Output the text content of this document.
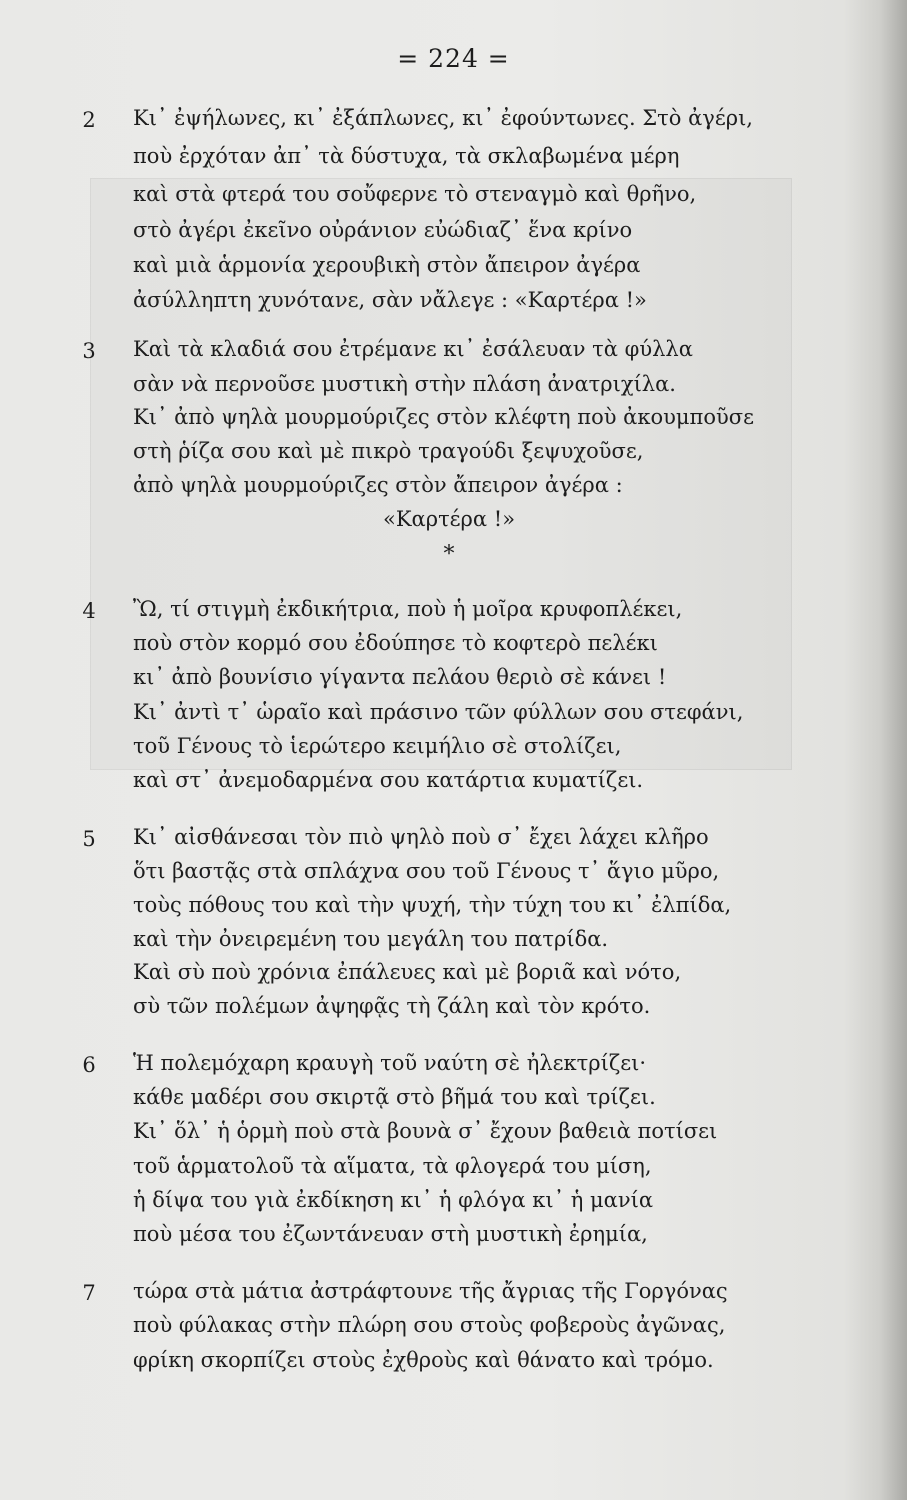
= 224 =
2	Κι᾿ ἐψήλωνες, κι᾿ ἐξάπλωνες, κι᾿ ἐφούντωνες. Στὸ ἀγέρι,
ποὺ ἐρχόταν ἀπ᾿ τὰ δύστυχα, τὰ σκλαβωμένα μέρη
καὶ στὰ φτερά του σοὔφερνε τὸ στεναγμὸ καὶ θρῆνο,
στὸ ἀγέρι ἐκεῖνο οὐράνιον εὐώδιαζ᾿ ἕνα κρίνο
καὶ μιὰ ἁρμονία χερουβικὴ στὸν ἄπειρον ἀγέρα
ἀσύλληπτη χυνότανε, σὰν νἄλεγε : «Καρτέρα !»
3	Καὶ τὰ κλαδιά σου ἐτρέμανε κι᾿ ἐσάλευαν τὰ φύλλα
σὰν νὰ περνοῦσε μυστικὴ στὴν πλάση ἀνατριχίλα.
Κι᾿ ἀπὸ ψηλὰ μουρμούριζες στὸν κλέφτη ποὺ ἀκουμποῦσε
στὴ ῥίζα σου καὶ μὲ πικρὸ τραγούδι ξεψυχοῦσε,
ἀπὸ ψηλὰ μουρμούριζες στὸν ἄπειρον ἀγέρα :
«Καρτέρα !»
*
4	Ὢ, τί στιγμὴ ἐκδικήτρια, ποὺ ἡ μοῖρα κρυφοπλέκει,
ποὺ στὸν κορμό σου ἐδούπησε τὸ κοφτερὸ πελέκι
κι᾿ ἀπὸ βουνίσιο γίγαντα πελάου θεριὸ σὲ κάνει !
Κι᾿ ἀντὶ τ᾿ ὡραῖο καὶ πράσινο τῶν φύλλων σου στεφάνι,
τοῦ Γένους τὸ ἱερώτερο κειμήλιο σὲ στολίζει,
καὶ στ᾿ ἀνεμοδαρμένα σου κατάρτια κυματίζει.
5	Κι᾿ αἰσθάνεσαι τὸν πιὸ ψηλὸ ποὺ σ᾿ ἔχει λάχει κλῆρο
ὅτι βαστᾷς στὰ σπλάχνα σου τοῦ Γένους τ᾿ ἅγιο μῦρο,
τοὺς πόθους του καὶ τὴν ψυχή, τὴν τύχη του κι᾿ ἐλπίδα,
καὶ τὴν ὀνειρεμένη του μεγάλη του πατρίδα.
Καὶ σὺ ποὺ χρόνια ἐπάλευες καὶ μὲ βοριᾶ καὶ νότο,
σὺ τῶν πολέμων ἀψηφᾷς τὴ ζάλη καὶ τὸν κρότο.
6	Ἡ πολεμόχαρη κραυγὴ τοῦ ναύτη σὲ ἠλεκτρίζει·
κάθε μαδέρι σου σκιρτᾷ στὸ βῆμά του καὶ τρίζει.
Κι᾿ ὅλ᾿ ἡ ὁρμὴ ποὺ στὰ βουνὰ σ᾿ ἔχουν βαθειὰ ποτίσει
τοῦ ἁρματολοῦ τὰ αἵματα, τὰ φλογερά του μίση,
ἡ δίψα του γιὰ ἐκδίκηση κι᾿ ἡ φλόγα κι᾿ ἡ μανία
ποὺ μέσα του ἐζωντάνευαν στὴ μυστικὴ ἐρημία,
7	τώρα στὰ μάτια ἀστράφτουνε τῆς ἄγριας τῆς Γοργόνας
ποὺ φύλακας στὴν πλώρη σου στοὺς φοβεροὺς ἀγῶνας,
φρίκη σκορπίζει στοὺς ἐχθροὺς καὶ θάνατο καὶ τρόμο.
